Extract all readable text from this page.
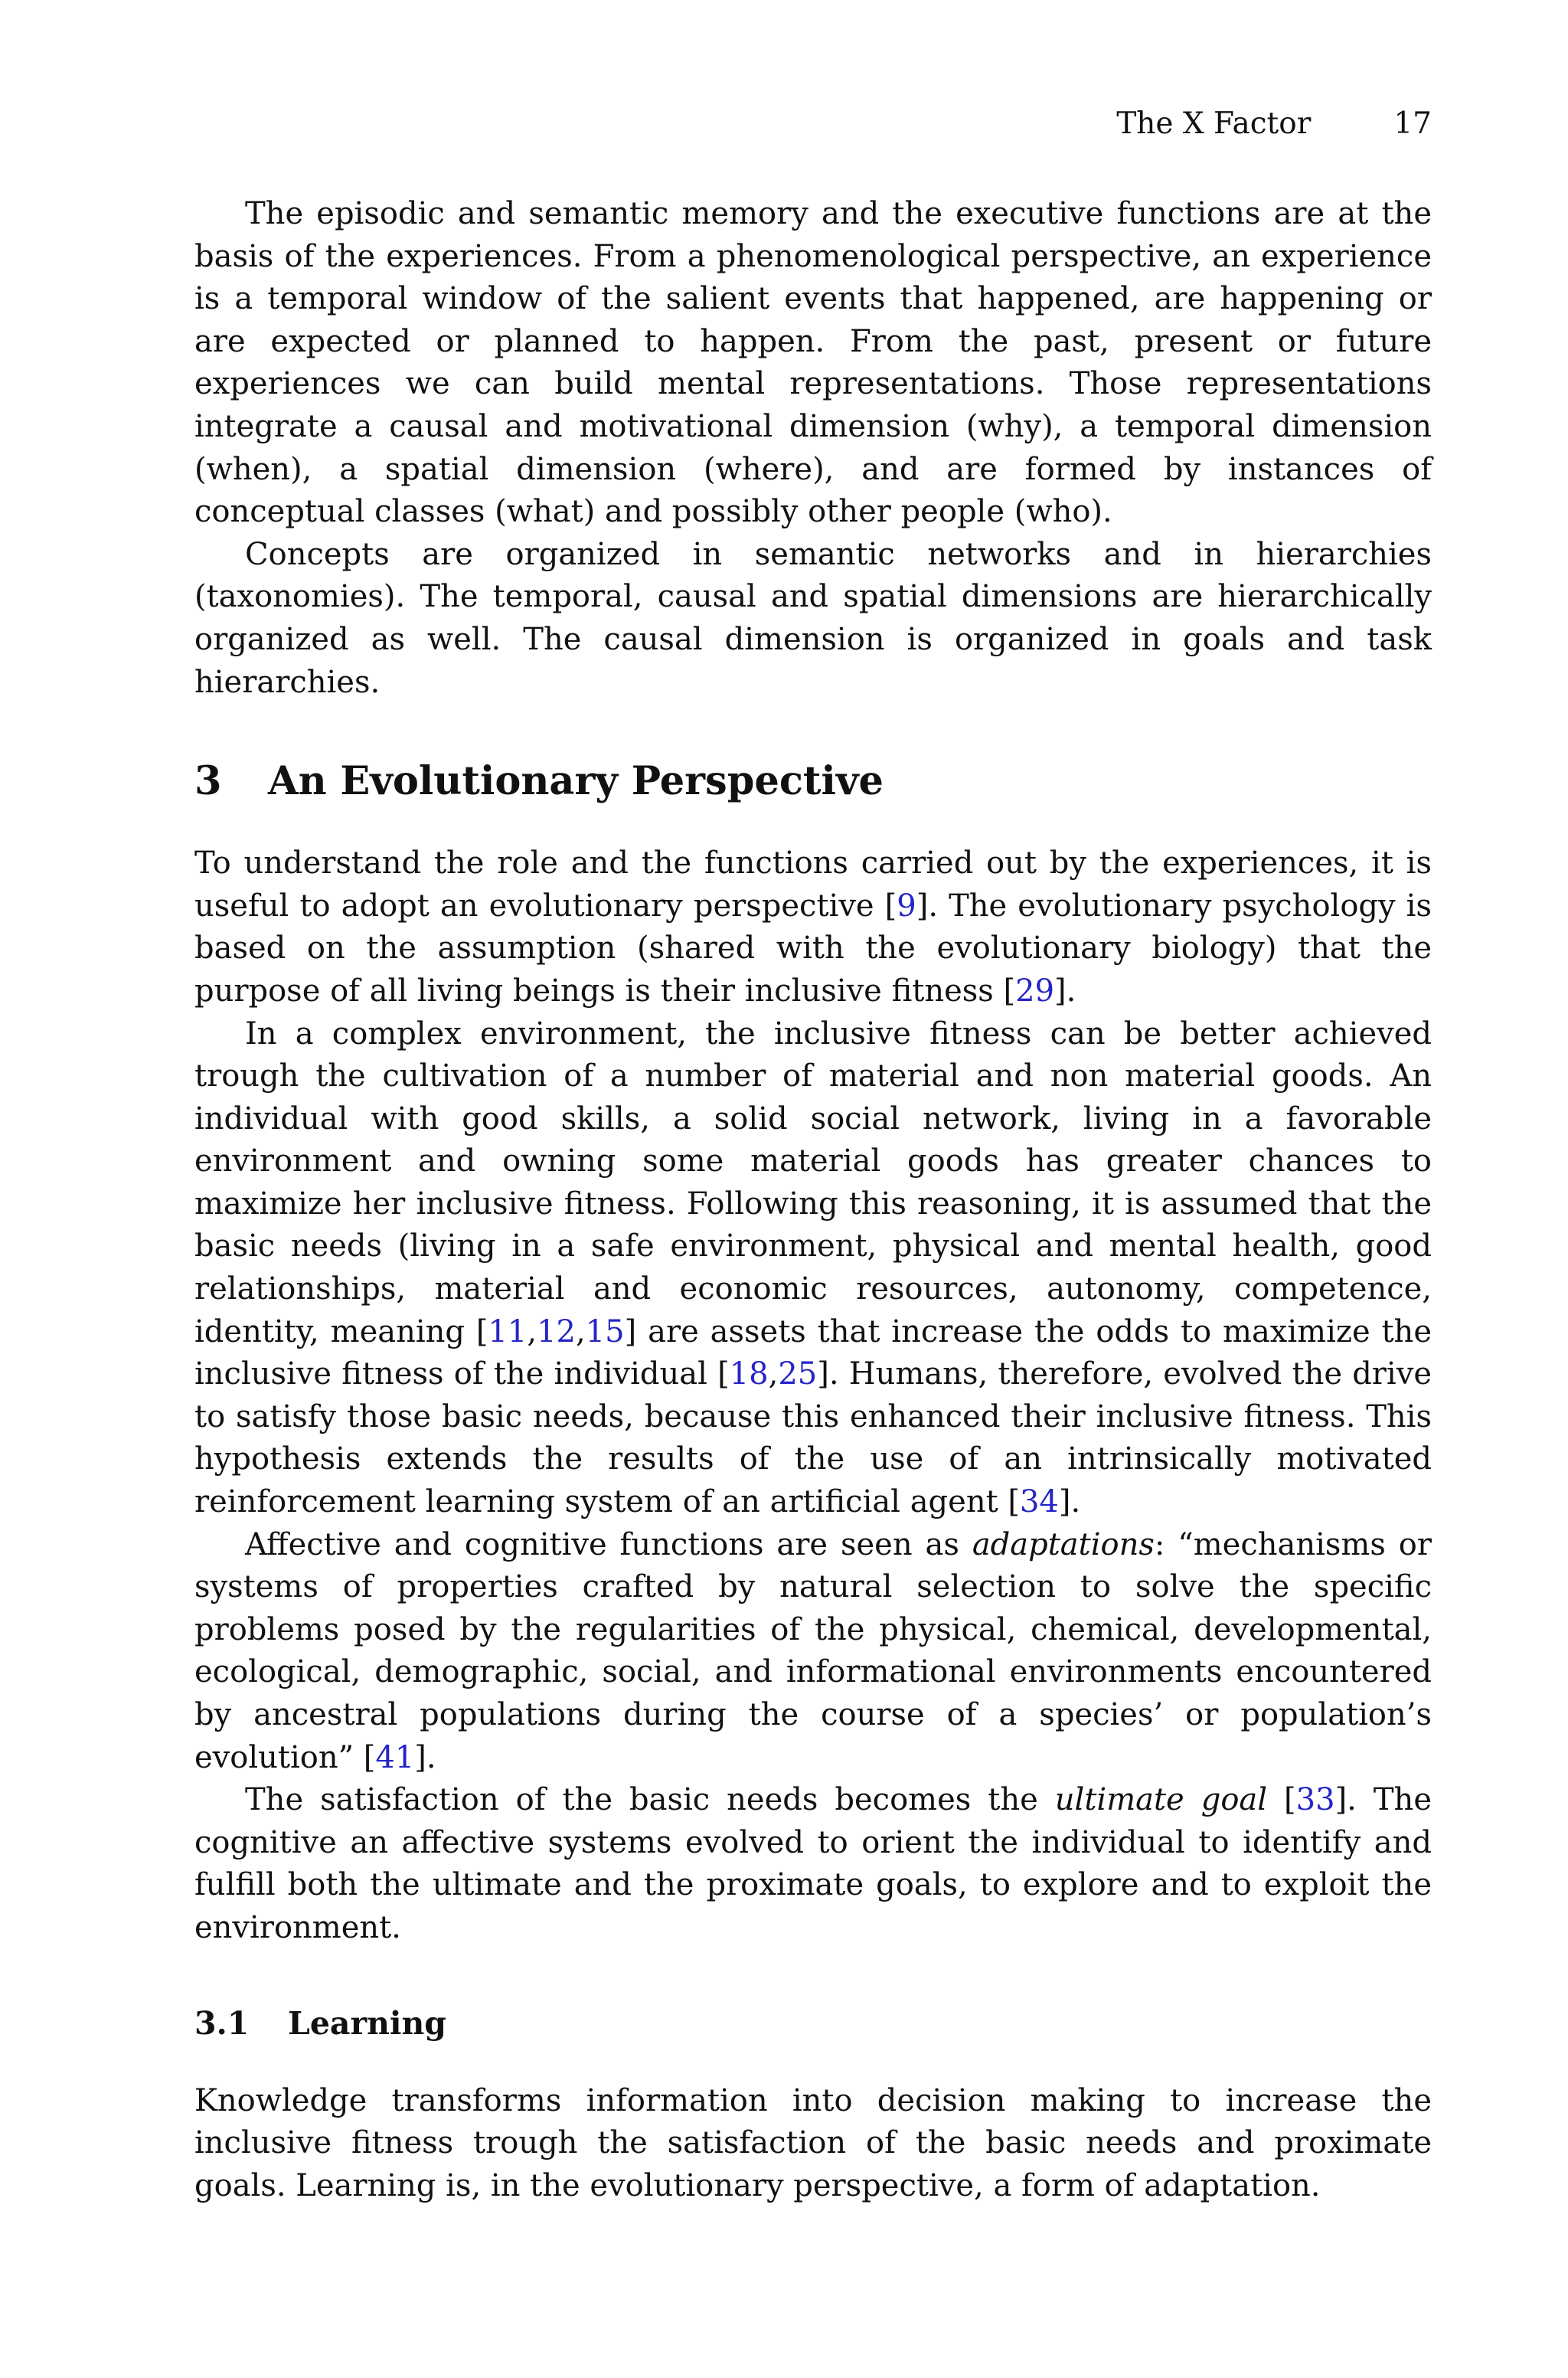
The X Factor	17

The episodic and semantic memory and the executive functions are at the basis of the experiences. From a phenomenological perspective, an experience is a temporal window of the salient events that happened, are happening or are expected or planned to happen. From the past, present or future experiences we can build mental representations. Those representations integrate a causal and motivational dimension (why), a temporal dimension (when), a spatial dimension (where), and are formed by instances of conceptual classes (what) and possibly other people (who).

Concepts are organized in semantic networks and in hierarchies (taxonomies). The temporal, causal and spatial dimensions are hierarchically organized as well. The causal dimension is organized in goals and task hierarchies.

3	An Evolutionary Perspective

To understand the role and the functions carried out by the experiences, it is useful to adopt an evolutionary perspective [9]. The evolutionary psychology is based on the assumption (shared with the evolutionary biology) that the purpose of all living beings is their inclusive fitness [29].

In a complex environment, the inclusive fitness can be better achieved trough the cultivation of a number of material and non material goods. An individual with good skills, a solid social network, living in a favorable environment and owning some material goods has greater chances to maximize her inclusive fitness. Following this reasoning, it is assumed that the basic needs (living in a safe environment, physical and mental health, good relationships, material and economic resources, autonomy, competence, identity, meaning [11,12,15] are assets that increase the odds to maximize the inclusive fitness of the individual [18,25]. Humans, therefore, evolved the drive to satisfy those basic needs, because this enhanced their inclusive fitness. This hypothesis extends the results of the use of an intrinsically motivated reinforcement learning system of an artificial agent [34].

Affective and cognitive functions are seen as adaptations: “mechanisms or systems of properties crafted by natural selection to solve the specific problems posed by the regularities of the physical, chemical, developmental, ecological, demographic, social, and informational environments encountered by ancestral populations during the course of a species’ or population’s evolution” [41].

The satisfaction of the basic needs becomes the ultimate goal [33]. The cognitive an affective systems evolved to orient the individual to identify and fulfill both the ultimate and the proximate goals, to explore and to exploit the environment.

3.1	Learning

Knowledge transforms information into decision making to increase the inclusive fitness trough the satisfaction of the basic needs and proximate goals. Learning is, in the evolutionary perspective, a form of adaptation.
